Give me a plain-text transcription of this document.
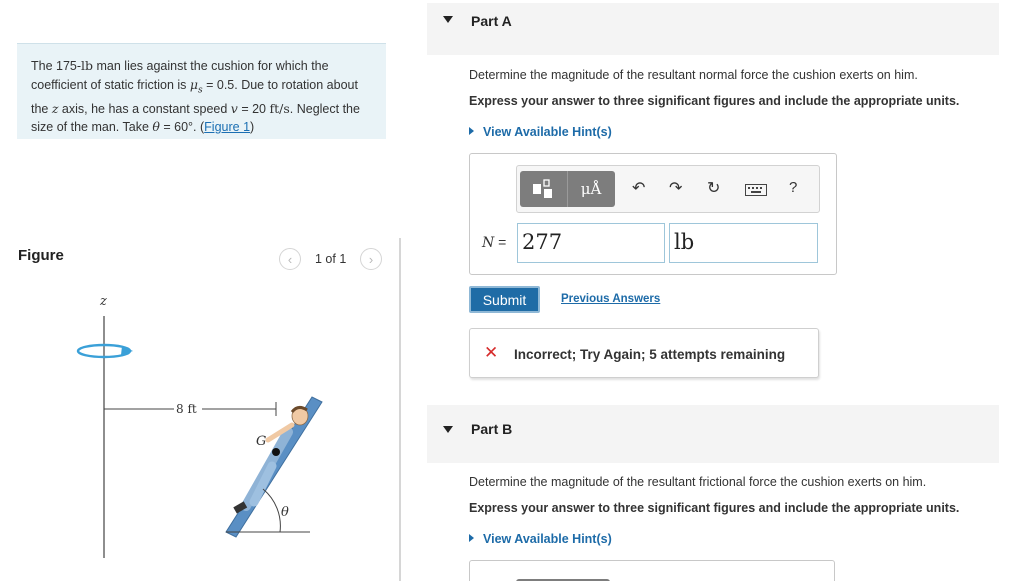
The 175-lb man lies against the cushion for which the coefficient of static friction is $\mu_s = 0.5$. Due to rotation about the z axis, he has a constant speed v = 20 ft/s. Neglect the size of the man. Take θ = 60°. (Figure 1)
Figure	‹	1 of 1	›
z
8 ft
G
θ
Part A
Determine the magnitude of the resultant normal force the cushion exerts on him.
Express your answer to three significant figures and include the appropriate units.
View Available Hint(s)
μÅ ↶ ↷ ↻	?
N = 277	lb
Submit	Previous Answers
✕ Incorrect; Try Again; 5 attempts remaining
Part B
Determine the magnitude of the resultant frictional force the cushion exerts on him.
Express your answer to three significant figures and include the appropriate units.
View Available Hint(s)
